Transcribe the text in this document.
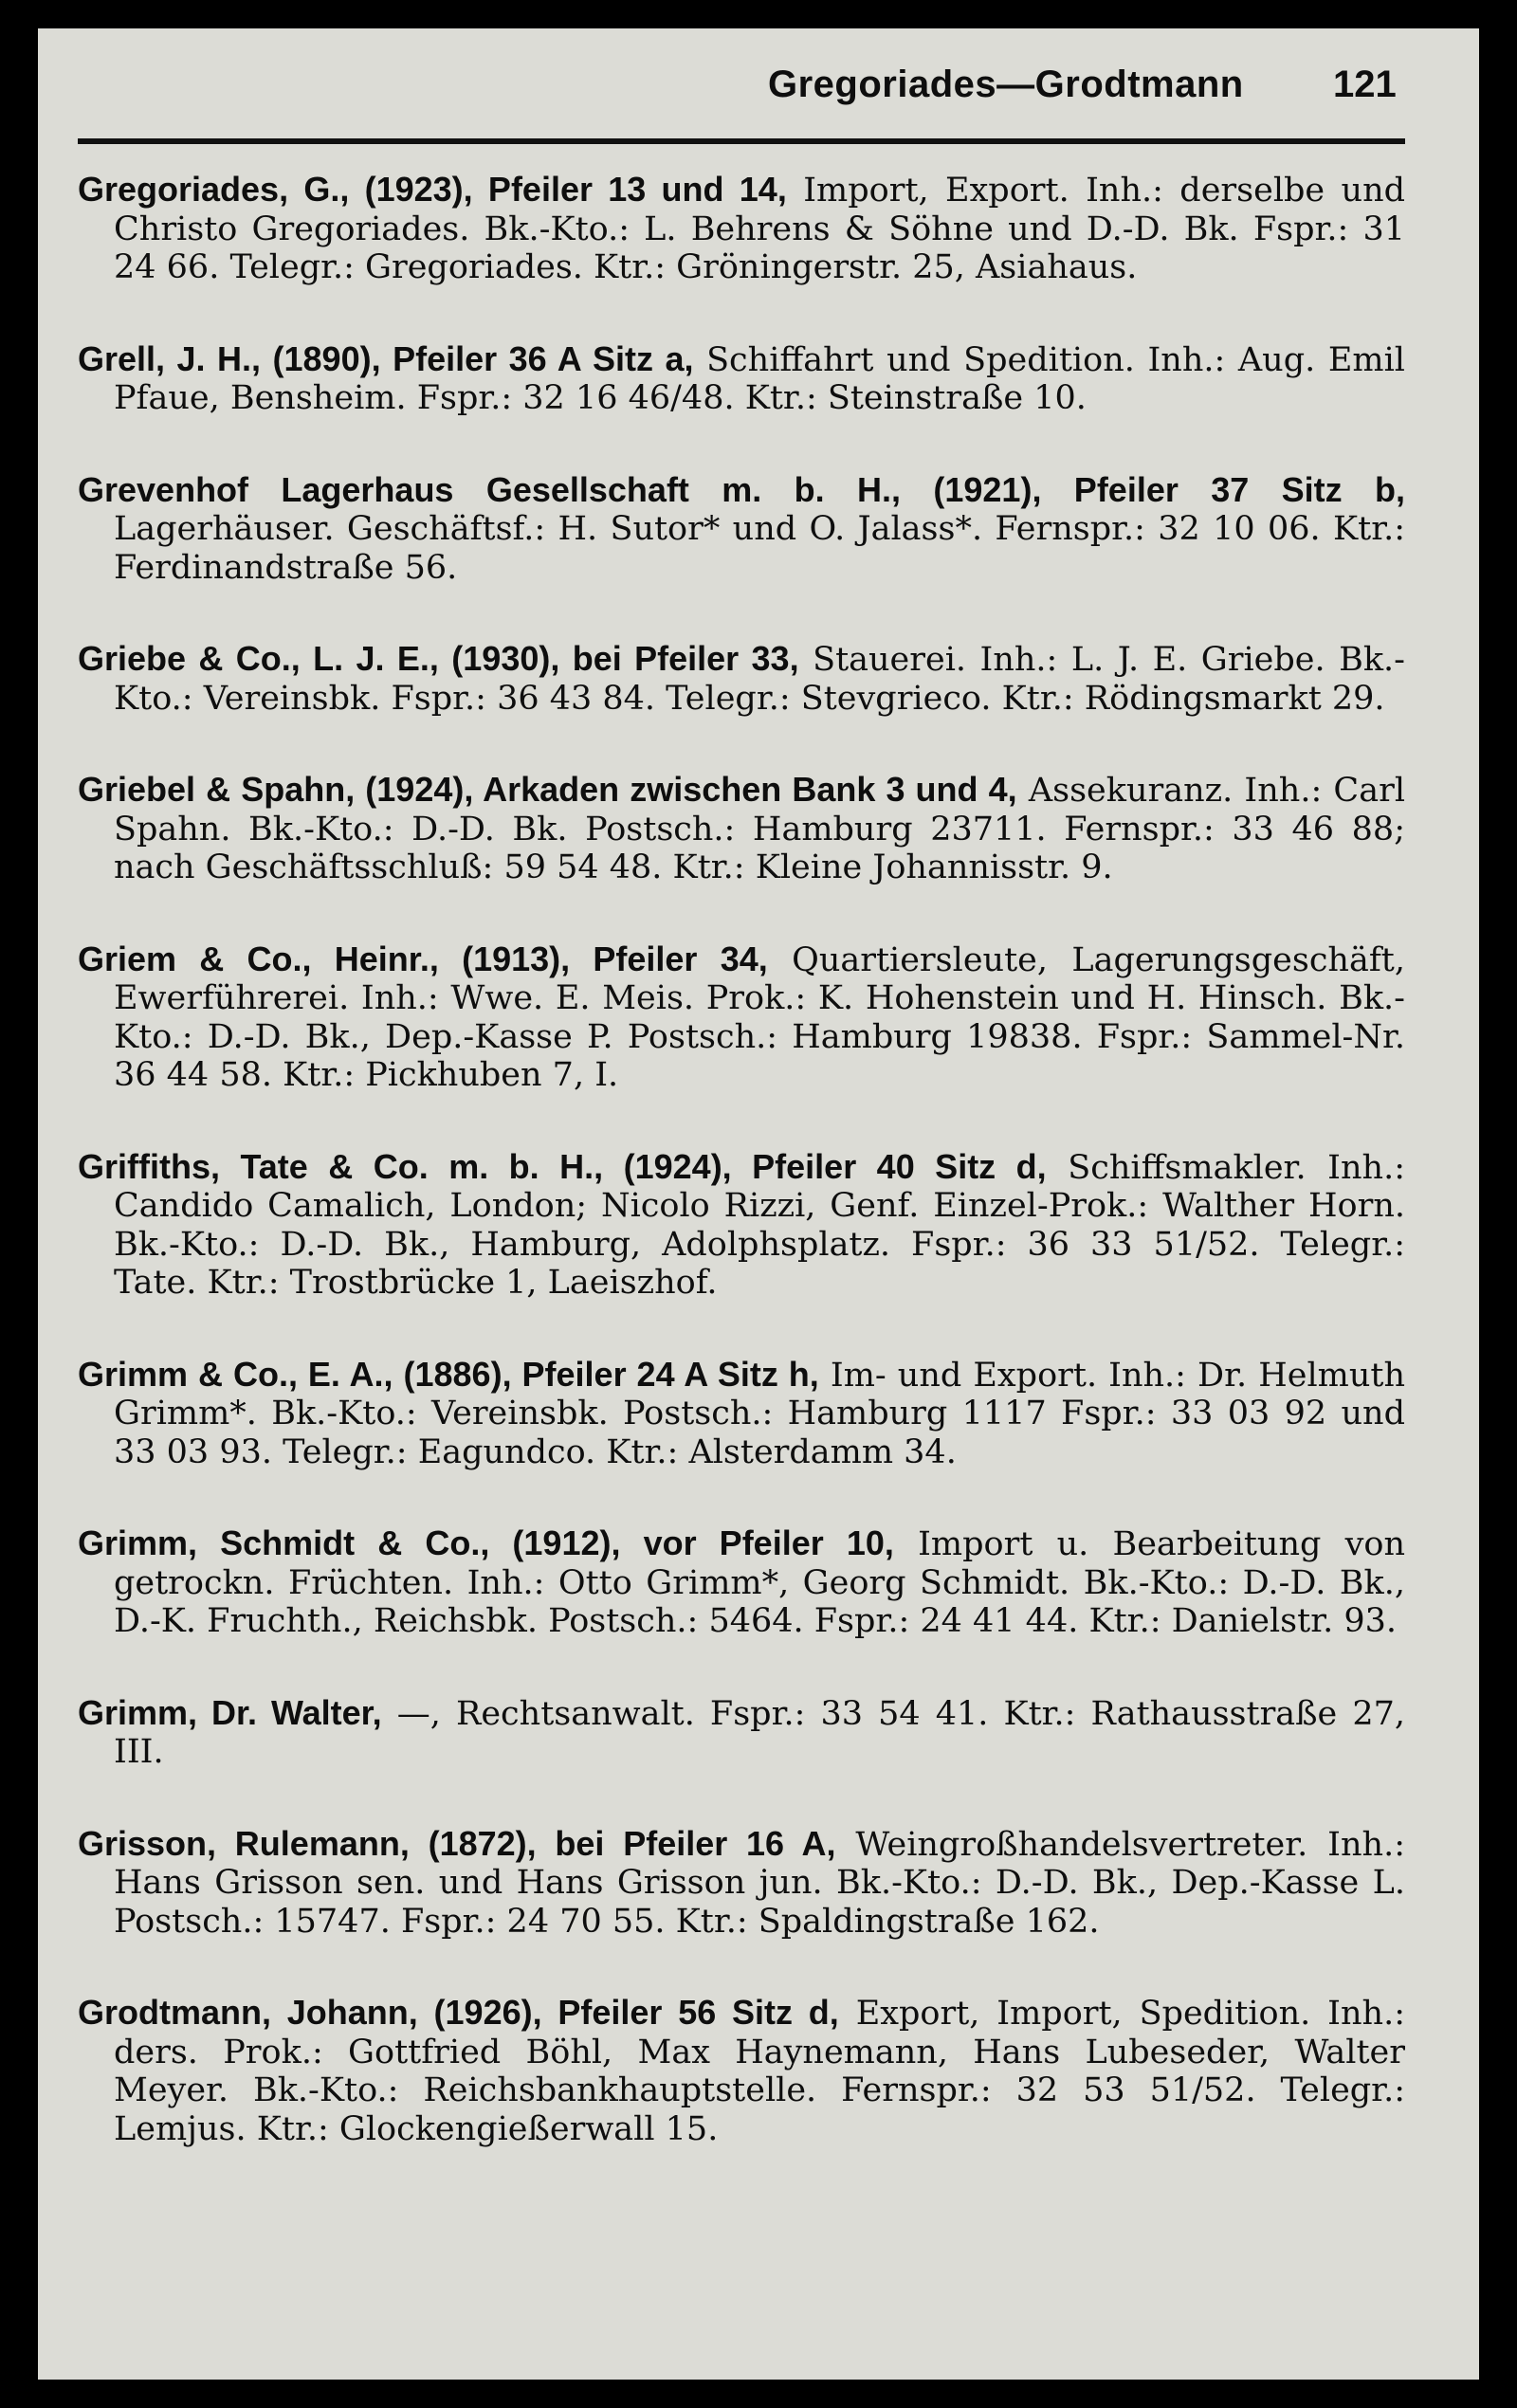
Gregoriades—Grodtmann 121

Gregoriades, G., (1923), Pfeiler 13 und 14, Import, Export. Inh.: derselbe und Christo Gregoriades. Bk.-Kto.: L. Behrens & Söhne und D.-D. Bk. Fspr.: 31 24 66. Telegr.: Gregoriades. Ktr.: Gröningerstr. 25, Asiahaus.

Grell, J. H., (1890), Pfeiler 36 A Sitz a, Schiffahrt und Spedition. Inh.: Aug. Emil Pfaue, Bensheim. Fspr.: 32 16 46/48. Ktr.: Steinstraße 10.

Grevenhof Lagerhaus Gesellschaft m. b. H., (1921), Pfeiler 37 Sitz b, Lagerhäuser. Geschäftsf.: H. Sutor* und O. Jalass*. Fernspr.: 32 10 06. Ktr.: Ferdinandstraße 56.

Griebe & Co., L. J. E., (1930), bei Pfeiler 33, Stauerei. Inh.: L. J. E. Griebe. Bk.-Kto.: Vereinsbk. Fspr.: 36 43 84. Telegr.: Stevgrieco. Ktr.: Rödingsmarkt 29.

Griebel & Spahn, (1924), Arkaden zwischen Bank 3 und 4, Assekuranz. Inh.: Carl Spahn. Bk.-Kto.: D.-D. Bk. Postsch.: Hamburg 23711. Fernspr.: 33 46 88; nach Geschäftsschluß: 59 54 48. Ktr.: Kleine Johannisstr. 9.

Griem & Co., Heinr., (1913), Pfeiler 34, Quartiersleute, Lagerungsgeschäft, Ewerführerei. Inh.: Wwe. E. Meis. Prok.: K. Hohenstein und H. Hinsch. Bk.-Kto.: D.-D. Bk., Dep.-Kasse P. Postsch.: Hamburg 19838. Fspr.: Sammel-Nr. 36 44 58. Ktr.: Pickhuben 7, I.

Griffiths, Tate & Co. m. b. H., (1924), Pfeiler 40 Sitz d, Schiffsmakler. Inh.: Candido Camalich, London; Nicolo Rizzi, Genf. Einzel-Prok.: Walther Horn. Bk.-Kto.: D.-D. Bk., Hamburg, Adolphsplatz. Fspr.: 36 33 51/52. Telegr.: Tate. Ktr.: Trostbrücke 1, Laeiszhof.

Grimm & Co., E. A., (1886), Pfeiler 24 A Sitz h, Im- und Export. Inh.: Dr. Helmuth Grimm*. Bk.-Kto.: Vereinsbk. Postsch.: Hamburg 1117 Fspr.: 33 03 92 und 33 03 93. Telegr.: Eagundco. Ktr.: Alsterdamm 34.

Grimm, Schmidt & Co., (1912), vor Pfeiler 10, Import u. Bearbeitung von getrockn. Früchten. Inh.: Otto Grimm*, Georg Schmidt. Bk.-Kto.: D.-D. Bk., D.-K. Fruchth., Reichsbk. Postsch.: 5464. Fspr.: 24 41 44. Ktr.: Danielstr. 93.

Grimm, Dr. Walter, —, Rechtsanwalt. Fspr.: 33 54 41. Ktr.: Rathausstraße 27, III.

Grisson, Rulemann, (1872), bei Pfeiler 16 A, Weingroßhandelsvertreter. Inh.: Hans Grisson sen. und Hans Grisson jun. Bk.-Kto.: D.-D. Bk., Dep.-Kasse L. Postsch.: 15747. Fspr.: 24 70 55. Ktr.: Spaldingstraße 162.

Grodtmann, Johann, (1926), Pfeiler 56 Sitz d, Export, Import, Spedition. Inh.: ders. Prok.: Gottfried Böhl, Max Haynemann, Hans Lubeseder, Walter Meyer. Bk.-Kto.: Reichsbankhauptstelle. Fernspr.: 32 53 51/52. Telegr.: Lemjus. Ktr.: Glockengießerwall 15.
